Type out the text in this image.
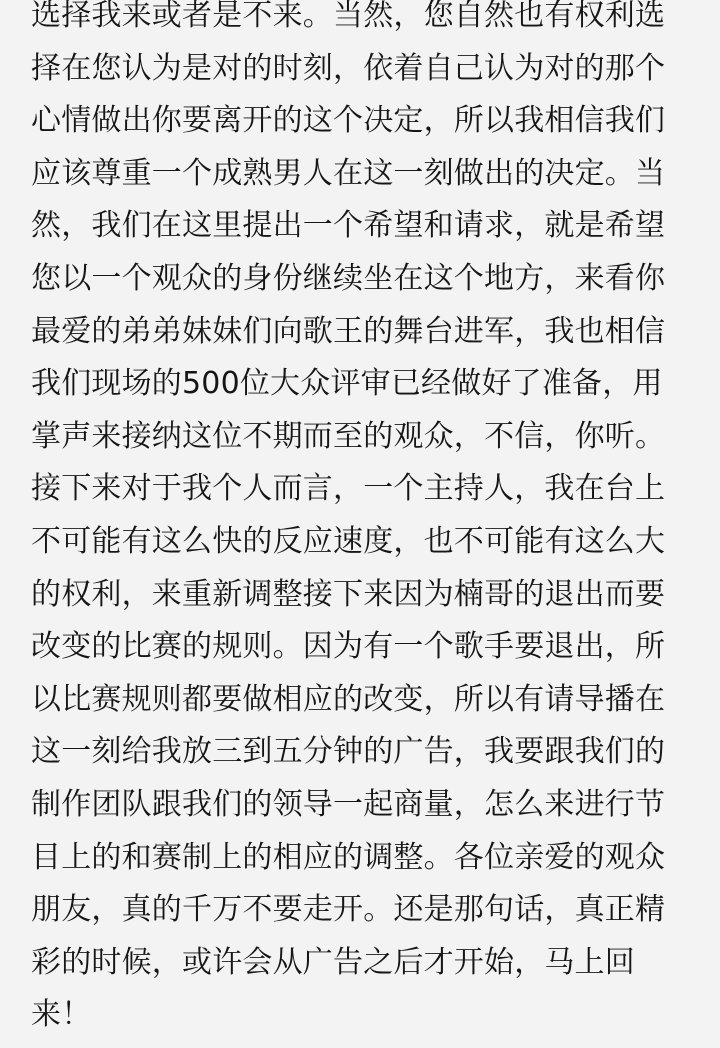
选择我来或者是不来。当然，您自然也有权利选
择在您认为是对的时刻，依着自己认为对的那个
心情做出你要离开的这个决定，所以我相信我们
应该尊重一个成熟男人在这一刻做出的决定。当
然，我们在这里提出一个希望和请求，就是希望
您以一个观众的身份继续坐在这个地方，来看你
最爱的弟弟妹妹们向歌王的舞台进军，我也相信
我们现场的500位大众评审已经做好了准备，用
掌声来接纳这位不期而至的观众，不信，你听。
接下来对于我个人而言，一个主持人，我在台上
不可能有这么快的反应速度，也不可能有这么大
的权利，来重新调整接下来因为楠哥的退出而要
改变的比赛的规则。因为有一个歌手要退出，所
以比赛规则都要做相应的改变，所以有请导播在
这一刻给我放三到五分钟的广告，我要跟我们的
制作团队跟我们的领导一起商量，怎么来进行节
目上的和赛制上的相应的调整。各位亲爱的观众
朋友，真的千万不要走开。还是那句话，真正精
彩的时候，或许会从广告之后才开始，马上回
来！
